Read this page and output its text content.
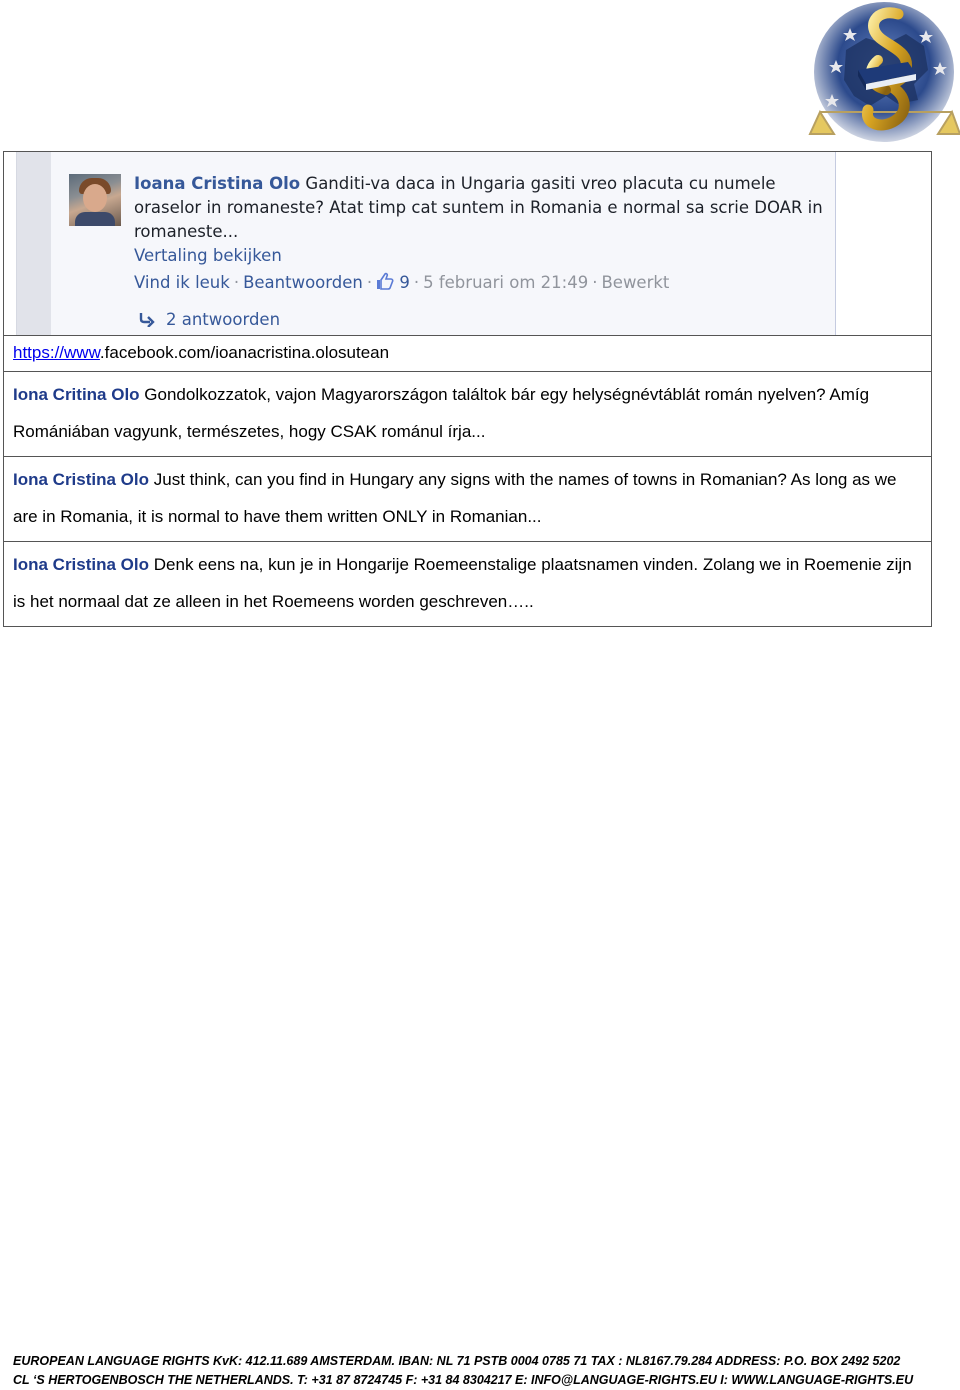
Ioana Cristina Olo Ganditi-va daca in Ungaria gasiti vreo placuta cu numele oraselor in romaneste? Atat timp cat suntem in Romania e normal sa scrie DOAR in romaneste...
Vertaling bekijken
Vind ik leuk · Beantwoorden · 9 · 5 februari om 21:49 · Bewerkt
2 antwoorden
https://www.facebook.com/ioanacristina.olosutean
Iona Critina Olo Gondolkozzatok, vajon Magyarországon találtok bár egy helységnévtáblát román nyelven? Amíg Romániában vagyunk, természetes, hogy CSAK románul írja...
Iona Cristina Olo Just think, can you find in Hungary any signs with the names of towns in Romanian? As long as we are in Romania, it is normal to have them written ONLY in Romanian...
Iona Cristina Olo Denk eens na, kun je in Hongarije Roemeenstalige plaatsnamen vinden. Zolang we in Roemenie zijn is het normaal dat ze alleen in het Roemeens worden geschreven…..
EUROPEAN LANGUAGE RIGHTS KvK: 412.11.689 AMSTERDAM. IBAN: NL 71 PSTB 0004 0785 71 TAX : NL8167.79.284 ADDRESS: P.O. BOX 2492 5202
CL ‘S HERTOGENBOSCH THE NETHERLANDS. T: +31 87 8724745 F: +31 84 8304217 E: INFO@LANGUAGE-RIGHTS.EU I: WWW.LANGUAGE-RIGHTS.EU
